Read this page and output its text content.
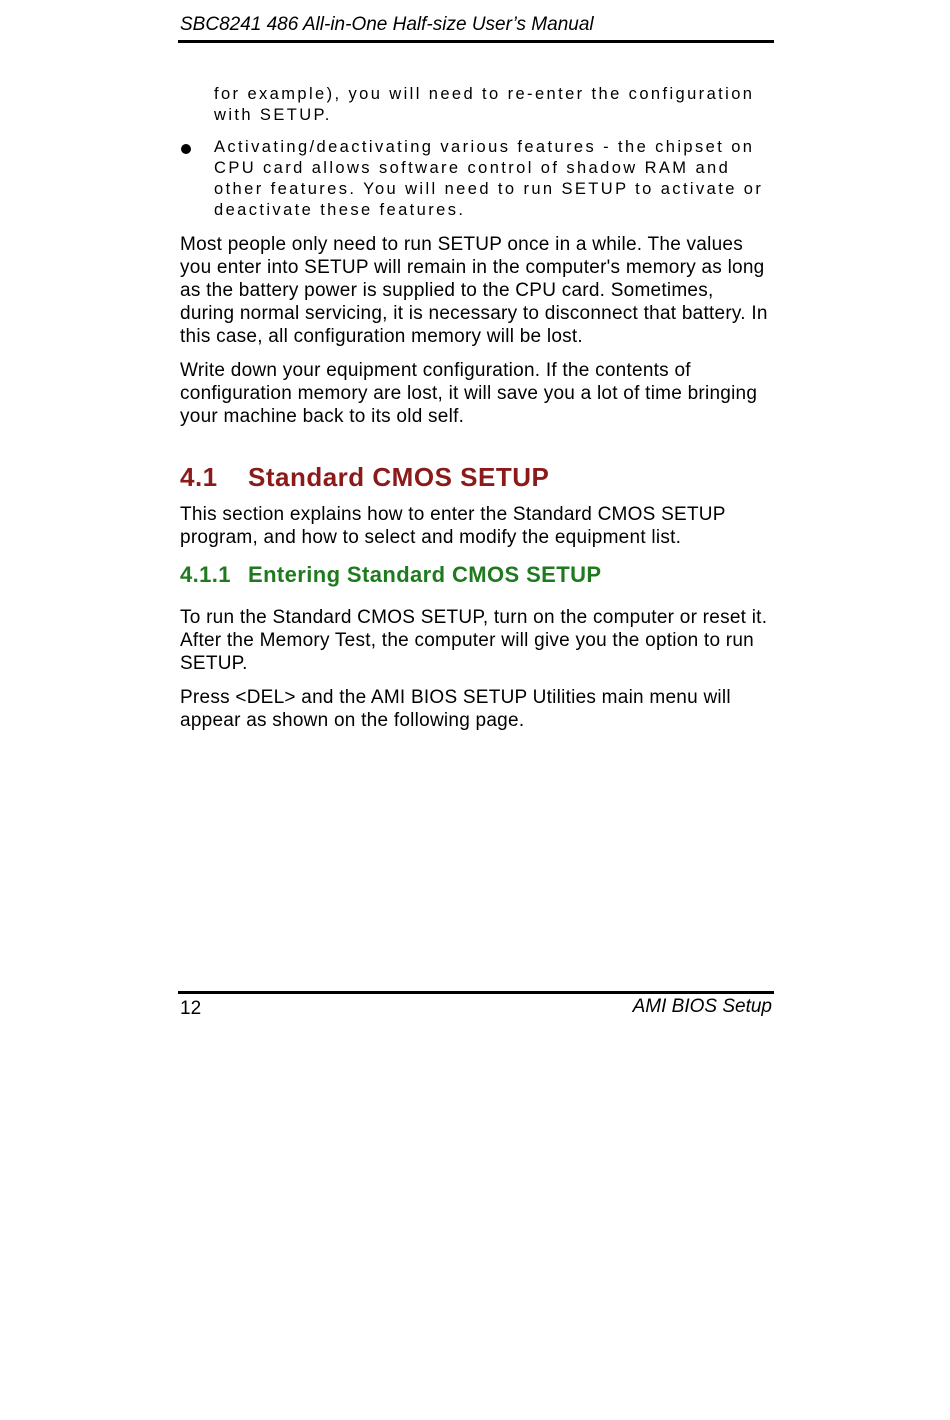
SBC8241 486 All-in-One Half-size User’s Manual

for example), you will need to re-enter the configuration with SETUP.

Activating/deactivating various features - the chipset on CPU card allows software control of shadow RAM and other features. You will need to run SETUP to activate or deactivate these features.

Most people only need to run SETUP once in a while. The values you enter into SETUP will remain in the computer's memory as long as the battery power is supplied to the CPU card. Sometimes, during normal servicing, it is necessary to disconnect that battery. In this case, all configuration memory will be lost.

Write down your equipment configuration. If the contents of configuration memory are lost, it will save you a lot of time bringing your machine back to its old self.

4.1 Standard CMOS SETUP

This section explains how to enter the Standard CMOS SETUP program, and how to select and modify the equipment list.

4.1.1 Entering Standard CMOS SETUP

To run the Standard CMOS SETUP, turn on the computer or reset it. After the Memory Test, the computer will give you the option to run SETUP.

Press <DEL> and the AMI BIOS SETUP Utilities main menu will appear as shown on the following page.

12	AMI BIOS Setup
